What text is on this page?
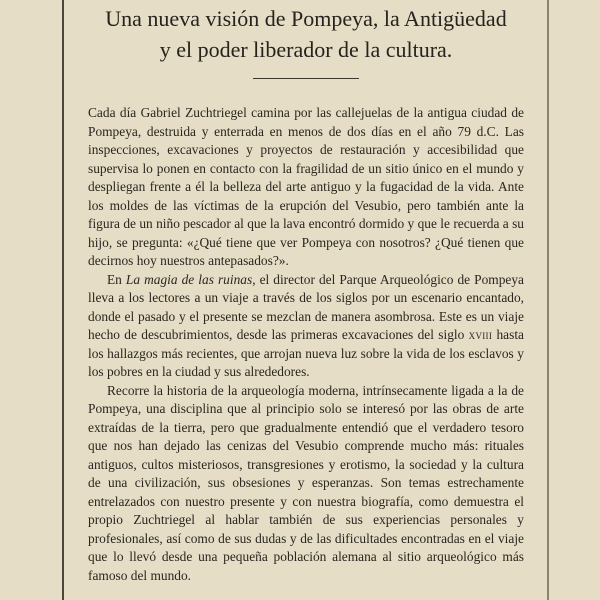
Una nueva visión de Pompeya, la Antigüedad
y el poder liberador de la cultura.

Cada día Gabriel Zuchtriegel camina por las callejuelas de la antigua ciudad de Pompeya, destruida y enterrada en menos de dos días en el año 79 d.C. Las inspecciones, excavaciones y proyectos de restauración y accesibilidad que supervisa lo ponen en contacto con la fragilidad de un sitio único en el mundo y despliegan frente a él la belleza del arte antiguo y la fugacidad de la vida. Ante los moldes de las víctimas de la erupción del Vesubio, pero también ante la figura de un niño pescador al que la lava encontró dormido y que le recuerda a su hijo, se pregunta: «¿Qué tiene que ver Pompeya con nosotros? ¿Qué tienen que decirnos hoy nuestros antepasados?».

En La magia de las ruinas, el director del Parque Arqueológico de Pompeya lleva a los lectores a un viaje a través de los siglos por un escenario encantado, donde el pasado y el presente se mezclan de manera asombrosa. Este es un viaje hecho de descubrimientos, desde las primeras excavaciones del siglo xviii hasta los hallazgos más recientes, que arrojan nueva luz sobre la vida de los esclavos y los pobres en la ciudad y sus alrededores.

Recorre la historia de la arqueología moderna, intrínsecamente ligada a la de Pompeya, una disciplina que al principio solo se interesó por las obras de arte extraídas de la tierra, pero que gradualmente entendió que el verdadero tesoro que nos han dejado las cenizas del Vesubio comprende mucho más: rituales antiguos, cultos misteriosos, transgresiones y erotismo, la sociedad y la cultura de una civilización, sus obsesiones y esperanzas. Son temas estrechamente entrelazados con nuestro presente y con nuestra biografía, como demuestra el propio Zuchtriegel al hablar también de sus experiencias personales y profesionales, así como de sus dudas y de las dificultades encontradas en el viaje que lo llevó desde una pequeña población alemana al sitio arqueológico más famoso del mundo.
